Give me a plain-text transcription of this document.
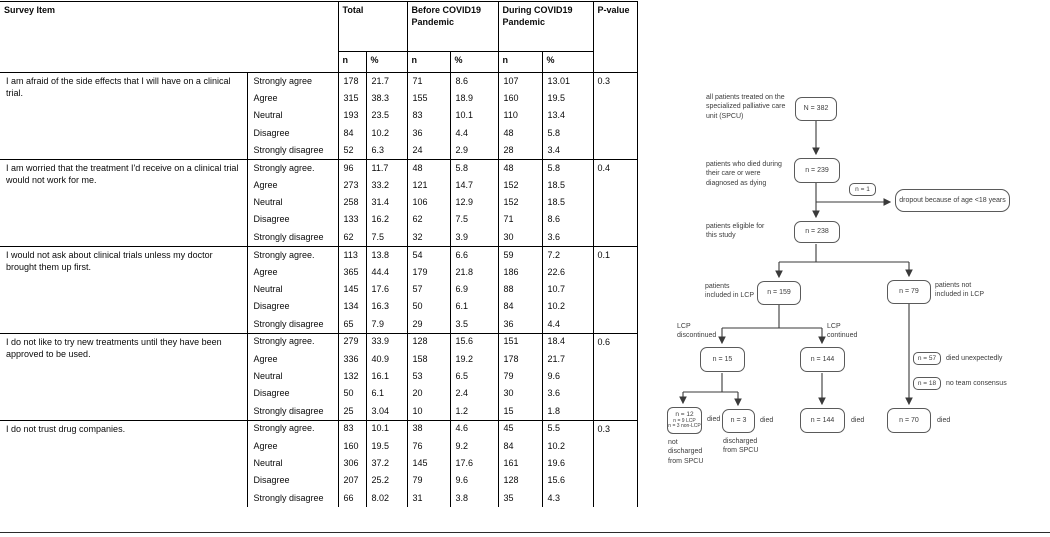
Survey Item		Total		Before COVID19 Pandemic		During COVID19 Pandemic		P-value
		n	%	n	%	n	%	
I am afraid of the side effects that I will have on a clinical trial.	Strongly agree	178	21.7	71	8.6	107	13.01	0.3
	Agree	315	38.3	155	18.9	160	19.5	
	Neutral	193	23.5	83	10.1	110	13.4	
	Disagree	84	10.2	36	4.4	48	5.8	
	Strongly disagree	52	6.3	24	2.9	28	3.4	
I am worried that the treatment I'd receive on a clinical trial would not work for me.	Strongly agree.	96	11.7	48	5.8	48	5.8	0.4
	Agree	273	33.2	121	14.7	152	18.5	
	Neutral	258	31.4	106	12.9	152	18.5	
	Disagree	133	16.2	62	7.5	71	8.6	
	Strongly disagree	62	7.5	32	3.9	30	3.6	
I would not ask about clinical trials unless my doctor brought them up first.	Strongly agree.	113	13.8	54	6.6	59	7.2	0.1
	Agree	365	44.4	179	21.8	186	22.6	
	Neutral	145	17.6	57	6.9	88	10.7	
	Disagree	134	16.3	50	6.1	84	10.2	
	Strongly disagree	65	7.9	29	3.5	36	4.4	
I do not like to try new treatments until they have been approved to be used.	Strongly agree.	279	33.9	128	15.6	151	18.4	0.6
	Agree	336	40.9	158	19.2	178	21.7	
	Neutral	132	16.1	53	6.5	79	9.6	
	Disagree	50	6.1	20	2.4	30	3.6	
	Strongly disagree	25	3.04	10	1.2	15	1.8	
I do not trust drug companies.	Strongly agree.	83	10.1	38	4.6	45	5.5	0.3
	Agree	160	19.5	76	9.2	84	10.2	
	Neutral	306	37.2	145	17.6	161	19.6	
	Disagree	207	25.2	79	9.6	128	15.6	
	Strongly disagree	66	8.02	31	3.8	35	4.3	
N = 382
n = 239
n = 1
dropout because of age <18 years
n = 238
n = 159	n = 79
n = 15	n = 144	n = 57
n = 18
n = 12
n = 9 LCP
n = 3 non-LCP
n = 3	n = 144	n = 70
all patients treated on the specialized palliative care unit (SPCU)
patients who died during their care or were diagnosed as dying
patients eligible for this study
patients included in LCP
patients not included in LCP
LCP discontinued
LCP continued
died unexpectedly
no team consensus
died	died	died	died
not discharged from SPCU
discharged from SPCU
